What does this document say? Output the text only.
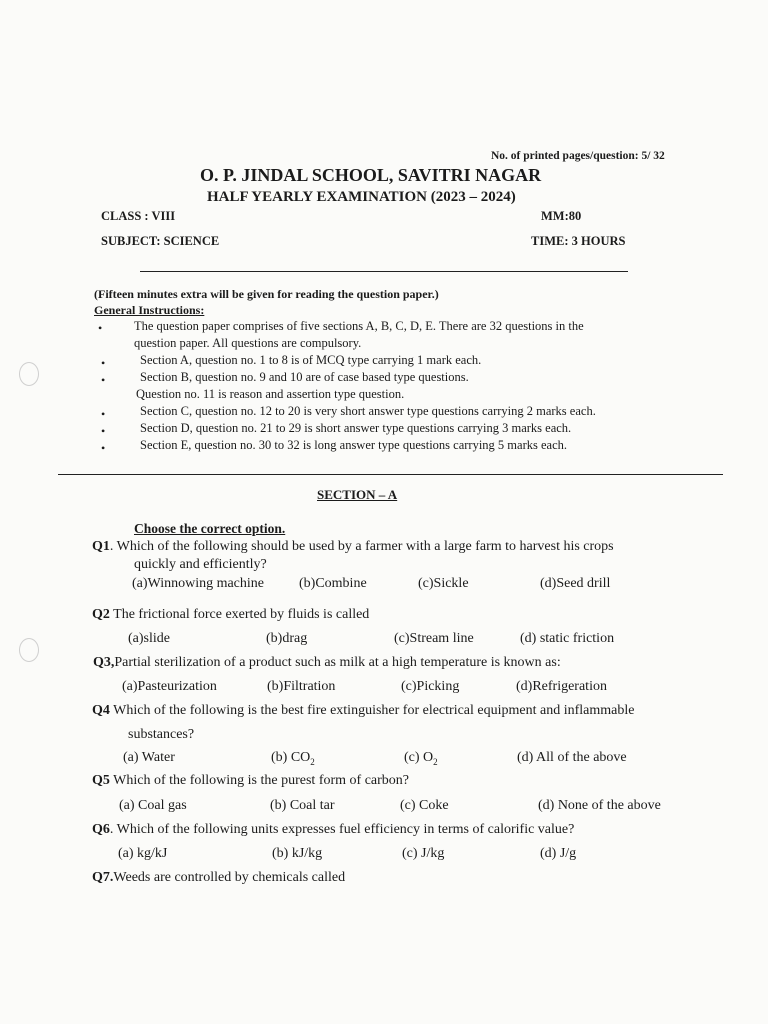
No. of printed pages/question: 5/ 32
O. P. JINDAL SCHOOL, SAVITRI NAGAR
HALF YEARLY EXAMINATION (2023 – 2024)
CLASS : VIII	MM:80
SUBJECT: SCIENCE	TIME: 3 HOURS
(Fifteen minutes extra will be given for reading the question paper.)
General Instructions:
•	The question paper comprises of five sections A, B, C, D, E. There are 32 questions in the
question paper. All questions are compulsory.
•	Section A, question no. 1 to 8 is of MCQ type carrying 1 mark each.
•	Section B, question no. 9 and 10 are of case based type questions.
Question no. 11 is reason and assertion type question.
•	Section C, question no. 12 to 20 is very short answer type questions carrying 2 marks each.
•	Section D, question no. 21 to 29 is short answer type questions carrying 3 marks each.
•	Section E, question no. 30 to 32 is long answer type questions carrying 5 marks each.
SECTION – A
Choose the correct option.
Q1. Which of the following should be used by a farmer with a large farm to harvest his crops
quickly and efficiently?
(a)Winnowing machine (b)Combine	(c)Sickle	(d)Seed drill
Q2 The frictional force exerted by fluids is called
(a)slide	(b)drag	(c)Stream line	(d) static friction
Q3,Partial sterilization of a product such as milk at a high temperature is known as:
(a)Pasteurization	(b)Filtration	(c)Picking	(d)Refrigeration
Q4 Which of the following is the best fire extinguisher for electrical equipment and inflammable
substances?
(a) Water	(b) $CO_2$	(c) $O_2$	(d) All of the above
Q5 Which of the following is the purest form of carbon?
(a) Coal gas	(b) Coal tar	(c) Coke	(d) None of the above
Q6. Which of the following units expresses fuel efficiency in terms of calorific value?
(a) kg/kJ	(b) kJ/kg	(c) J/kg	(d) J/g
Q7.Weeds are controlled by chemicals called
